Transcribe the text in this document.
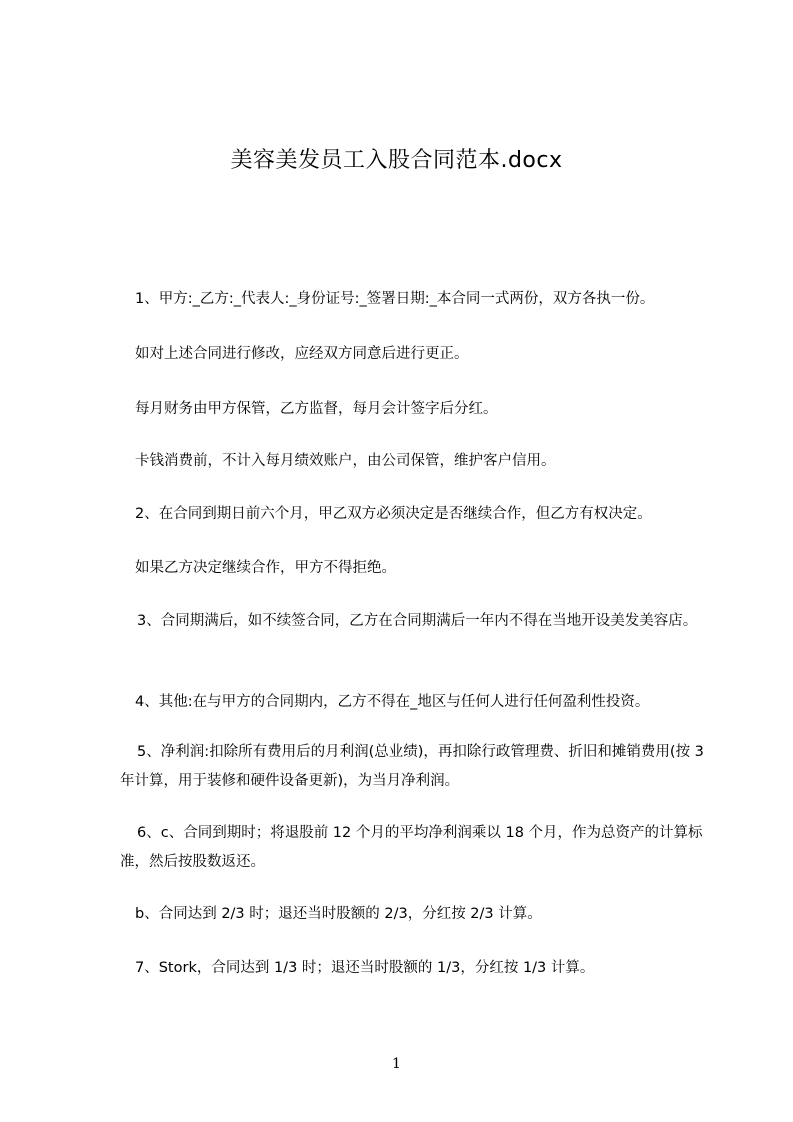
美容美发员工入股合同范本.docx

1、甲方:_乙方:_代表人:_身份证号:_签署日期:_本合同一式两份，双方各执一份。

如对上述合同进行修改，应经双方同意后进行更正。

每月财务由甲方保管，乙方监督，每月会计签字后分红。

卡钱消费前，不计入每月绩效账户，由公司保管，维护客户信用。

2、在合同到期日前六个月，甲乙双方必须决定是否继续合作，但乙方有权决定。

如果乙方决定继续合作，甲方不得拒绝。

3、合同期满后，如不续签合同，乙方在合同期满后一年内不得在当地开设美发美容店。

4、其他:在与甲方的合同期内，乙方不得在_地区与任何人进行任何盈利性投资。

5、净利润:扣除所有费用后的月利润(总业绩)，再扣除行政管理费、折旧和摊销费用(按 3 年计算，用于装修和硬件设备更新)，为当月净利润。

6、c、合同到期时；将退股前 12 个月的平均净利润乘以 18 个月，作为总资产的计算标准，然后按股数返还。

b、合同达到 2/3 时；退还当时股额的 2/3，分红按 2/3 计算。

7、Stork，合同达到 1/3 时；退还当时股额的 1/3，分红按 1/3 计算。

1
